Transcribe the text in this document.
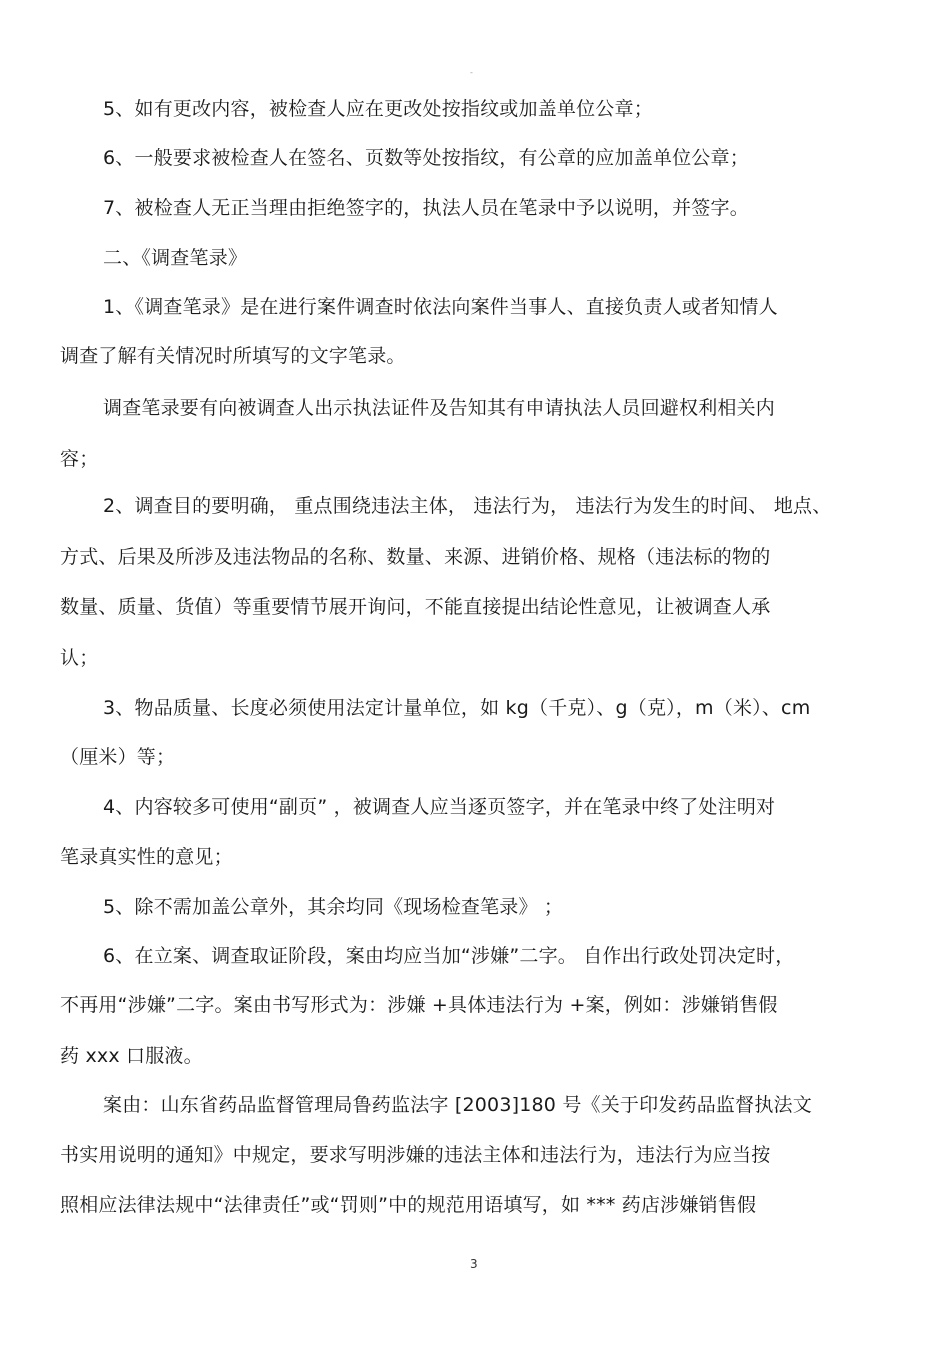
-
5、如有更改内容，被检查人应在更改处按指纹或加盖单位公章；
6、一般要求被检查人在签名、页数等处按指纹，有公章的应加盖单位公章；
7、被检查人无正当理由拒绝签字的，执法人员在笔录中予以说明，并签字。
二、《调查笔录》
1、《调查笔录》是在进行案件调查时依法向案件当事人、直接负责人或者知情人
调查了解有关情况时所填写的文字笔录。
调查笔录要有向被调查人出示执法证件及告知其有申请执法人员回避权利相关内
容；
2、调查目的要明确， 重点围绕违法主体， 违法行为， 违法行为发生的时间、 地点、
方式、后果及所涉及违法物品的名称、数量、来源、进销价格、规格（违法标的物的
数量、质量、货值）等重要情节展开询问，不能直接提出结论性意见，让被调查人承
认；
3、物品质量、长度必须使用法定计量单位，如 kg（千克）、g（克），m（米）、cm
（厘米）等；
4、内容较多可使用“副页” ，被调查人应当逐页签字，并在笔录中终了处注明对
笔录真实性的意见；
5、除不需加盖公章外，其余均同《现场检查笔录》 ；
6、在立案、调查取证阶段，案由均应当加“涉嫌”二字。 自作出行政处罚决定时，
不再用“涉嫌”二字。案由书写形式为：涉嫌 +具体违法行为 +案，例如：涉嫌销售假
药 xxx 口服液。
案由：山东省药品监督管理局鲁药监法字 [2003]180 号《关于印发药品监督执法文
书实用说明的通知》中规定，要求写明涉嫌的违法主体和违法行为，违法行为应当按
照相应法律法规中“法律责任”或“罚则”中的规范用语填写，如 *** 药店涉嫌销售假
3
